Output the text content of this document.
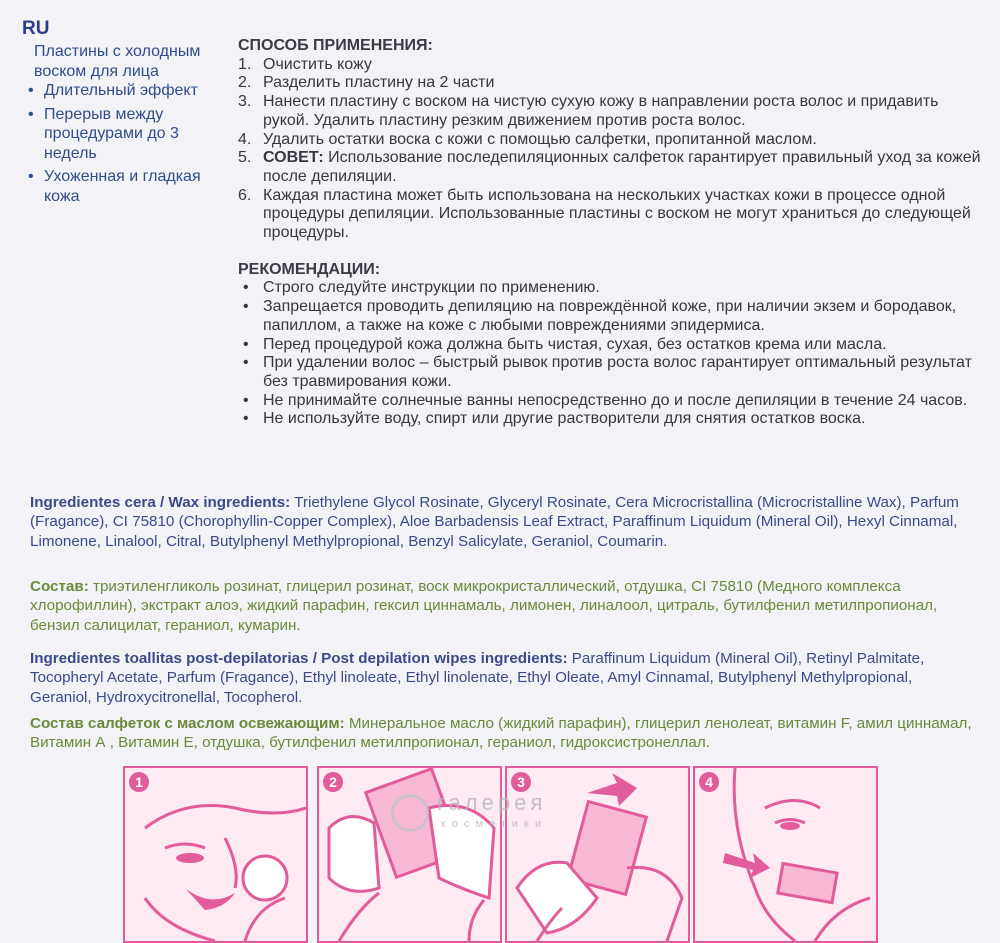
RU
Пластины с холодным воском для лица
• Длительный эффект
• Перерыв между процедурами до 3 недель
• Ухоженная и гладкая кожа
СПОСОБ ПРИМЕНЕНИЯ:
1. Очистить кожу
2. Разделить пластину на 2 части
3. Нанести пластину с воском на чистую сухую кожу в направлении роста волос и придавить рукой. Удалить пластину резким движением против роста волос.
4. Удалить остатки воска с кожи с помощью салфетки, пропитанной маслом.
5. СОВЕТ: Использование последепиляционных салфеток гарантирует правильный уход за кожей после депиляции.
6. Каждая пластина может быть использована на нескольких участках кожи в процессе одной процедуры депиляции. Использованные пластины с воском не могут храниться до следующей процедуры.
РЕКОМЕНДАЦИИ:
• Строго следуйте инструкции по применению.
• Запрещается проводить депиляцию на повреждённой коже, при наличии экзем и бородавок, папиллом, а также на коже с любыми повреждениями эпидермиса.
• Перед процедурой кожа должна быть чистая, сухая, без остатков крема или масла.
• При удалении волос – быстрый рывок против роста волос гарантирует оптимальный результат без травмирования кожи.
• Не принимайте солнечные ванны непосредственно до и после депиляции в течение 24 часов.
• Не используйте воду, спирт или другие растворители для снятия остатков воска.
Ingredientes cera / Wax ingredients: Triethylene Glycol Rosinate, Glyceryl Rosinate, Cera Microcristallina (Microcristalline Wax), Parfum (Fragance), CI 75810 (Chorophyllin-Copper Complex), Aloe Barbadensis Leaf Extract, Paraffinum Liquidum (Mineral Oil), Hexyl Cinnamal, Limonene, Linalool, Citral, Butylphenyl Methylpropional, Benzyl Salicylate, Geraniol, Coumarin.
Состав: триэтиленгликоль розинат, глицерил розинат, воск микрокристаллический, отдушка, CI 75810 (Медного комплекса хлорофиллин), экстракт алоэ, жидкий парафин, гексил циннамаль, лимонен, линалоол, цитраль, бутилфенил метилпропионал, бензил салицилат, гераниол, кумарин.
Ingredientes toallitas post-depilatorias / Post depilation wipes ingredients: Paraffinum Liquidum (Mineral Oil), Retinyl Palmitate, Tocopheryl Acetate, Parfum (Fragance), Ethyl linoleate, Ethyl linolenate, Ethyl Oleate, Amyl Cinnamal, Butylphenyl Methylpropional, Geraniol, Hydroxycitronellal, Tocopherol.
Состав салфеток с маслом освежающим: Минеральное масло (жидкий парафин), глицерил ленолеат, витамин F, амил циннамал, Витамин А , Витамин Е, отдушка, бутилфенил метилпропионал, гераниол, гидроксистронеллал.
1	2	3	4
галерея
косметики
